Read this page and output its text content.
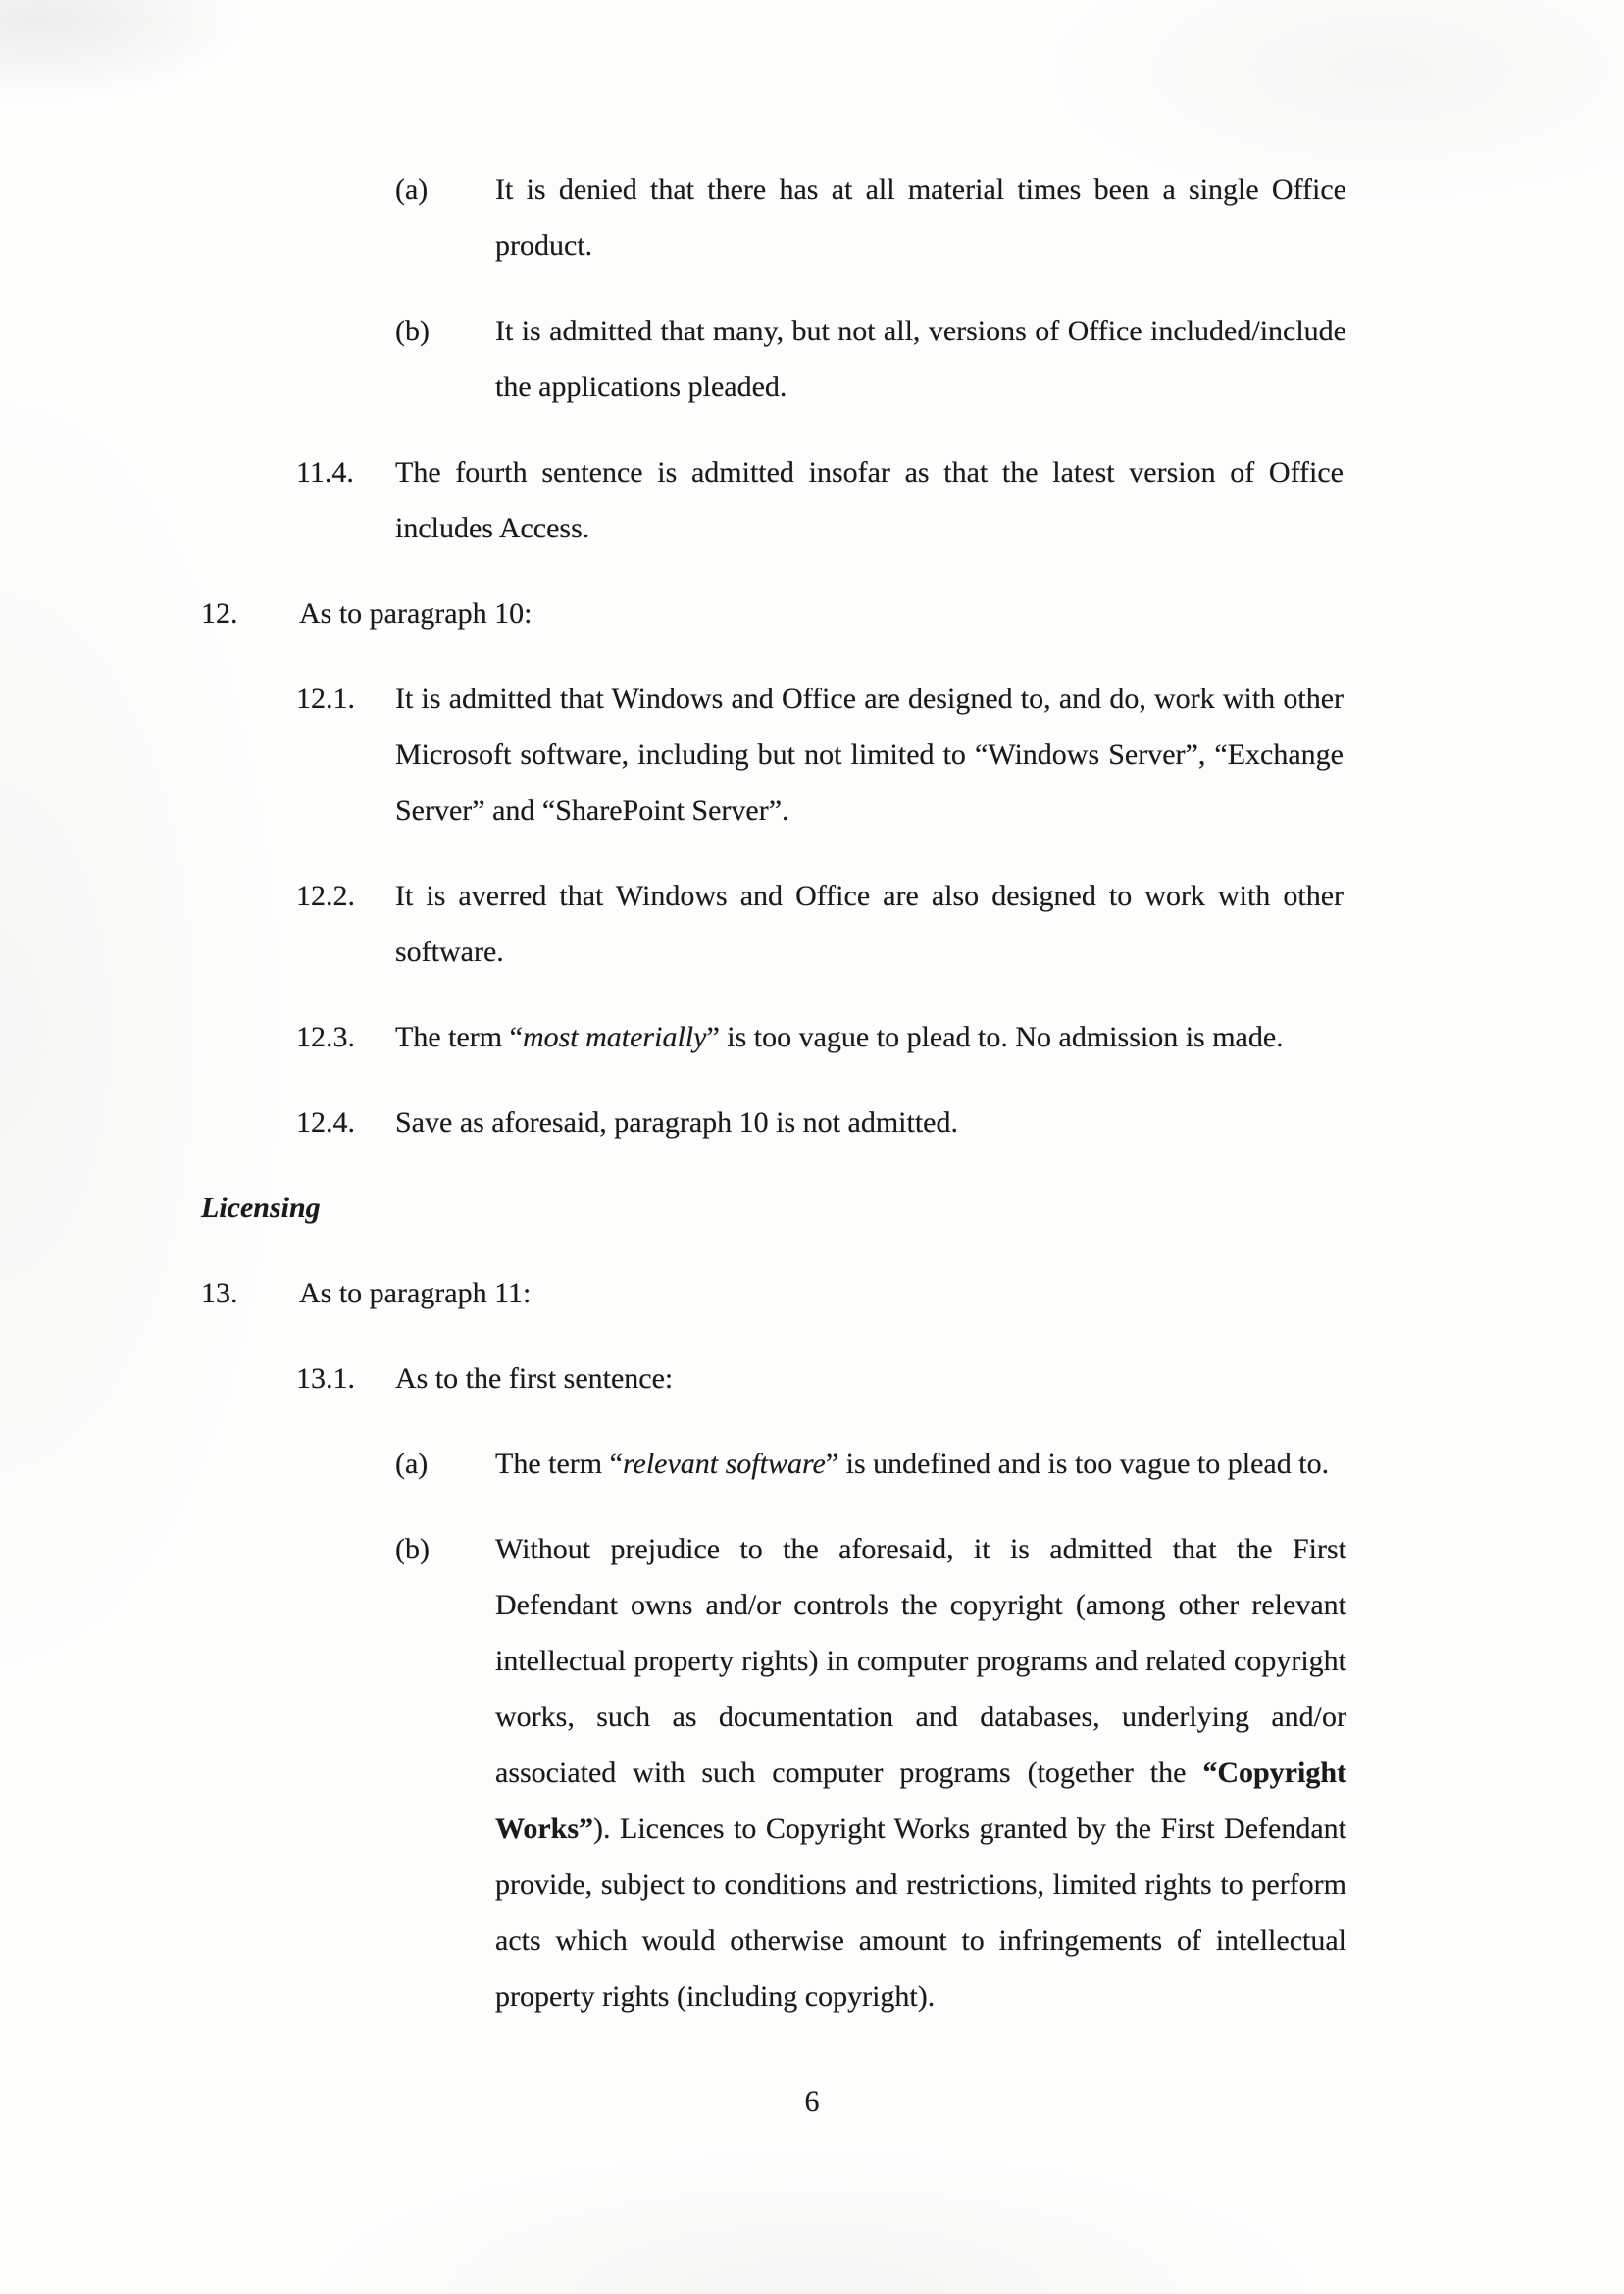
(a)	It is denied that there has at all material times been a single Office product.
(b)	It is admitted that many, but not all, versions of Office included/include the applications pleaded.
11.4.	The fourth sentence is admitted insofar as that the latest version of Office includes Access.
12.	As to paragraph 10:
12.1.	It is admitted that Windows and Office are designed to, and do, work with other Microsoft software, including but not limited to “Windows Server”, “Exchange Server” and “SharePoint Server”.
12.2.	It is averred that Windows and Office are also designed to work with other software.
12.3.	The term “most materially” is too vague to plead to. No admission is made.
12.4.	Save as aforesaid, paragraph 10 is not admitted.
Licensing
13.	As to paragraph 11:
13.1.	As to the first sentence:
(a)	The term “relevant software” is undefined and is too vague to plead to.
(b)	Without prejudice to the aforesaid, it is admitted that the First Defendant owns and/or controls the copyright (among other relevant intellectual property rights) in computer programs and related copyright works, such as documentation and databases, underlying and/or associated with such computer programs (together the “Copyright Works”). Licences to Copyright Works granted by the First Defendant provide, subject to conditions and restrictions, limited rights to perform acts which would otherwise amount to infringements of intellectual property rights (including copyright).
6
